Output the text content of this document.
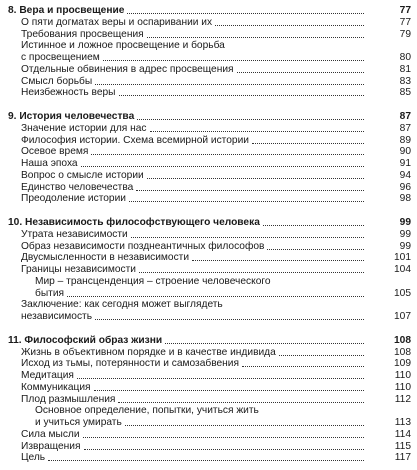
8. Вера и просвещение	77
О пяти догматах веры и оспаривании их	77
Требования просвещения	79
Истинное и ложное просвещение и борьба
с просвещением	80
Отдельные обвинения в адрес просвещения	81
Смысл борьбы	83
Неизбежность веры	85
9. История человечества	87
Значение истории для нас	87
Философия истории. Схема всемирной истории	89
Осевое время	90
Наша эпоха	91
Вопрос о смысле истории	94
Единство человечества	96
Преодоление истории	98
10. Независимость философствующего человека	99
Утрата независимости	99
Образ независимости позднеантичных философов	99
Двусмысленности в независимости	101
Границы независимости	104
Мир – трансценденция – строение человеческого
бытия	105
Заключение: как сегодня может выглядеть
независимость	107
11. Философский образ жизни	108
Жизнь в объективном порядке и в качестве индивида	108
Исход из тьмы, потерянности и самозабвения	109
Медитация	110
Коммуникация	110
Плод размышления	112
Основное определение, попытки, учиться жить
и учиться умирать	113
Сила мысли	114
Извращения	115
Цель	117
